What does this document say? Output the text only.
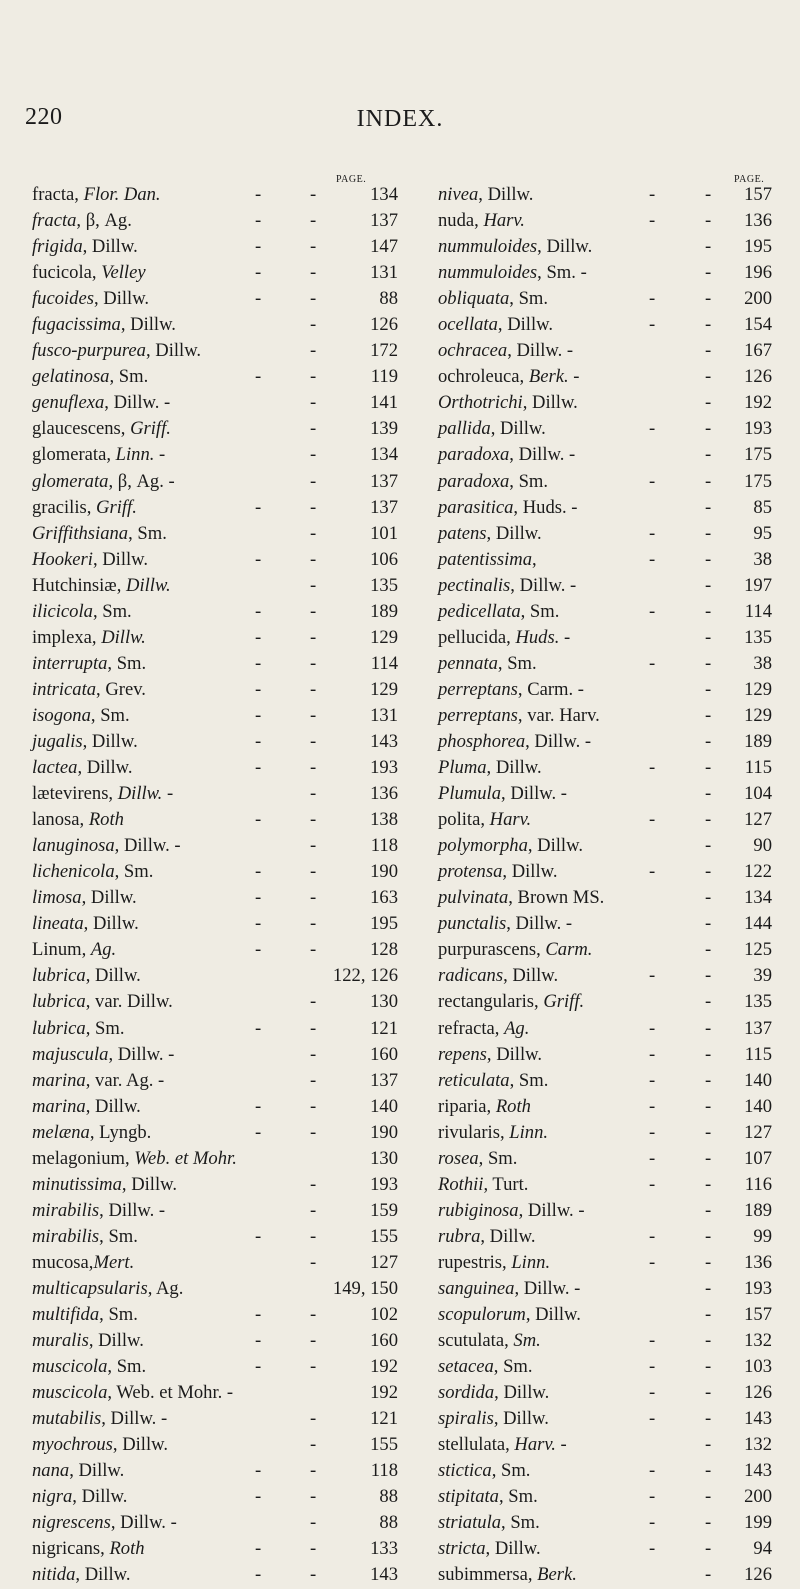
220	INDEX.
PAGE.	PAGE.
fracta, Flor. Dan.	-	-	134
fracta, β, Ag.	-	-	137
frigida, Dillw.	-	-	147
fucicola, Velley	-	-	131
fucoides, Dillw.	-	-	88
fugacissima, Dillw.	-	126
fusco-purpurea, Dillw.	-	172
gelatinosa, Sm.	-	-	119
genuflexa, Dillw. -	-	141
glaucescens, Griff.	-	139
glomerata, Linn. -	-	134
glomerata, β, Ag. -	-	137
gracilis, Griff.	-	-	137
Griffithsiana, Sm.	-	101
Hookeri, Dillw.	-	-	106
Hutchinsiæ, Dillw.	-	135
ilicicola, Sm.	-	-	189
implexa, Dillw.	-	-	129
interrupta, Sm.	-	-	114
intricata, Grev.	-	-	129
isogona, Sm.	-	-	131
jugalis, Dillw.	-	-	143
lactea, Dillw.	-	-	193
lætevirens, Dillw. -	-	136
lanosa, Roth	-	-	138
lanuginosa, Dillw. -	-	118
lichenicola, Sm.	-	-	190
limosa, Dillw.	-	-	163
lineata, Dillw.	-	-	195
Linum, Ag.	-	-	128
lubrica, Dillw.	122, 126
lubrica, var. Dillw.	-	130
lubrica, Sm.	-	-	121
majuscula, Dillw. -	-	160
marina, var. Ag. -	-	137
marina, Dillw.	-	-	140
melæna, Lyngb.	-	-	190
melagonium, Web. et Mohr.	130
minutissima, Dillw.	-	193
mirabilis, Dillw. -	-	159
mirabilis, Sm.	-	-	155
mucosa,Mert.	-	127
multicapsularis, Ag.	149, 150
multifida, Sm.	-	-	102
muralis, Dillw.	-	-	160
muscicola, Sm.	-	-	192
muscicola, Web. et Mohr. -	192
mutabilis, Dillw. -	-	121
myochrous, Dillw.	-	155
nana, Dillw.	-	-	118
nigra, Dillw.	-	-	88
nigrescens, Dillw. -	-	88
nigricans, Roth	-	-	133
nitida, Dillw.	-	-	143
nivea, Dillw.	-	- 157
nuda, Harv.	-	- 136
nummuloides, Dillw.	- 195
nummuloides, Sm. -	- 196
obliquata, Sm.	-	- 200
ocellata, Dillw.	-	- 154
ochracea, Dillw. -	- 167
ochroleuca, Berk. -	- 126
Orthotrichi, Dillw.	- 192
pallida, Dillw.	-	- 193
paradoxa, Dillw. -	- 175
paradoxa, Sm.	-	- 175
parasitica, Huds. -	- 85
patens, Dillw.	-	- 95
patentissima,	-	- 38
pectinalis, Dillw. -	- 197
pedicellata, Sm.	-	- 114
pellucida, Huds. -	- 135
pennata, Sm.	-	- 38
perreptans, Carm. -	- 129
perreptans, var. Harv.	- 129
phosphorea, Dillw. -	- 189
Pluma, Dillw.	-	- 115
Plumula, Dillw. -	- 104
polita, Harv.	-	- 127
polymorpha, Dillw.	- 90
protensa, Dillw.	-	- 122
pulvinata, Brown MS.	- 134
punctalis, Dillw. -	- 144
purpurascens, Carm.	- 125
radicans, Dillw.	-	- 39
rectangularis, Griff.	- 135
refracta, Ag.	-	- 137
repens, Dillw.	-	- 115
reticulata, Sm.	-	- 140
riparia, Roth	-	- 140
rivularis, Linn.	-	- 127
rosea, Sm.	-	- 107
Rothii, Turt.	-	- 116
rubiginosa, Dillw. -	- 189
rubra, Dillw.	-	- 99
rupestris, Linn.	-	- 136
sanguinea, Dillw. -	- 193
scopulorum, Dillw.	- 157
scutulata, Sm.	-	- 132
setacea, Sm.	-	- 103
sordida, Dillw.	-	- 126
spiralis, Dillw.	-	- 143
stellulata, Harv. -	- 132
stictica, Sm.	-	- 143
stipitata, Sm.	-	- 200
striatula, Sm.	-	- 199
stricta, Dillw.	-	- 94
subimmersa, Berk.	- 126
